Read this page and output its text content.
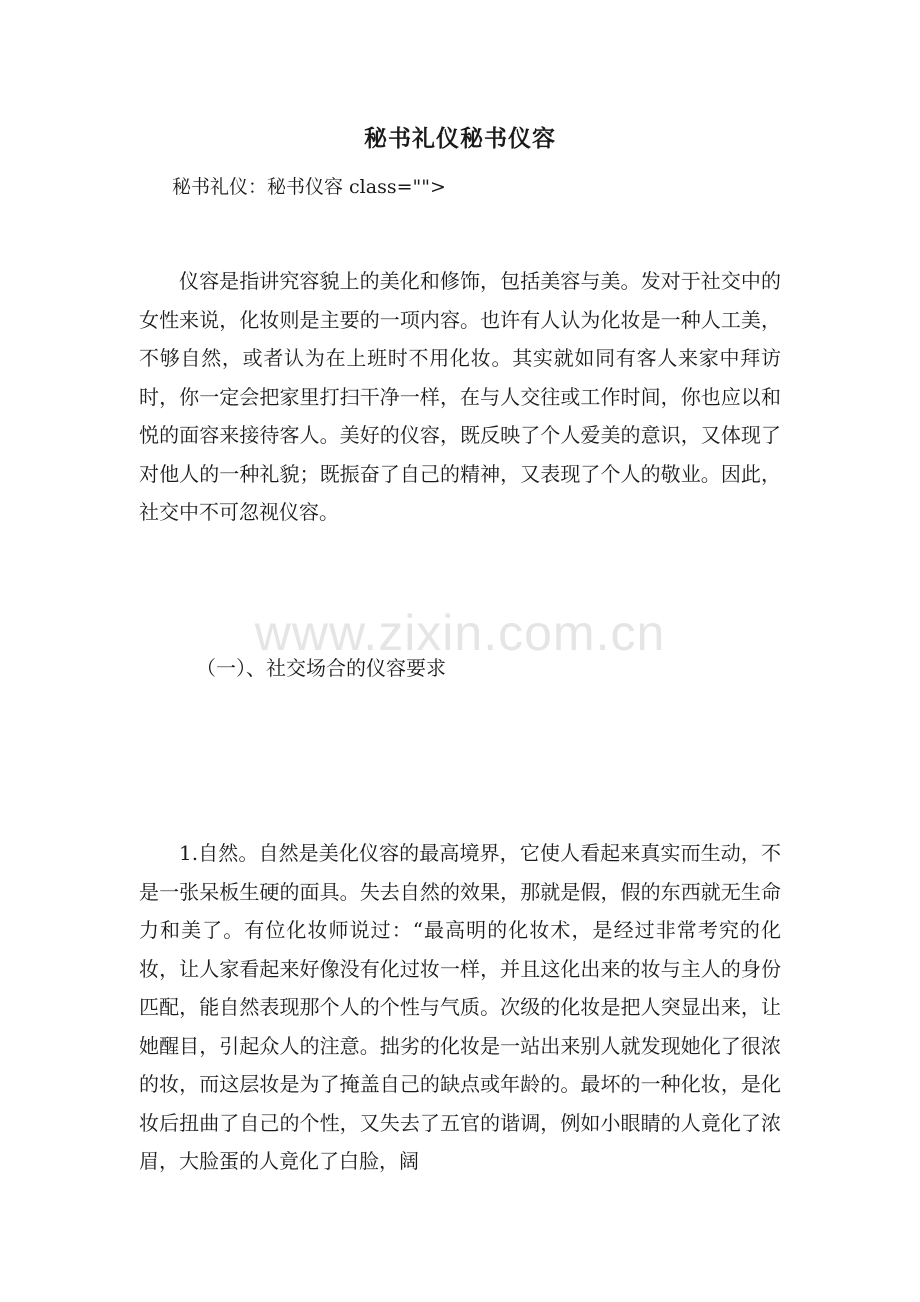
秘书礼仪秘书仪容
秘书礼仪：秘书仪容 class="">

仪容是指讲究容貌上的美化和修饰，包括美容与美。发对于社交中的女性来说，化妆则是主要的一项内容。也许有人认为化妆是一种人工美，不够自然，或者认为在上班时不用化妆。其实就如同有客人来家中拜访时，你一定会把家里打扫干净一样，在与人交往或工作时间，你也应以和悦的面容来接待客人。美好的仪容，既反映了个人爱美的意识，又体现了对他人的一种礼貌；既振奋了自己的精神，又表现了个人的敬业。因此，社交中不可忽视仪容。

www.zixin.com.cn
（一）、社交场合的仪容要求

1.自然。自然是美化仪容的最高境界，它使人看起来真实而生动，不是一张呆板生硬的面具。失去自然的效果，那就是假，假的东西就无生命力和美了。有位化妆师说过：“最高明的化妆术，是经过非常考究的化妆，让人家看起来好像没有化过妆一样，并且这化出来的妆与主人的身份匹配，能自然表现那个人的个性与气质。次级的化妆是把人突显出来，让她醒目，引起众人的注意。拙劣的化妆是一站出来别人就发现她化了很浓的妆，而这层妆是为了掩盖自己的缺点或年龄的。最坏的一种化妆，是化妆后扭曲了自己的个性，又失去了五官的谐调，例如小眼睛的人竟化了浓眉，大脸蛋的人竟化了白脸，阔
